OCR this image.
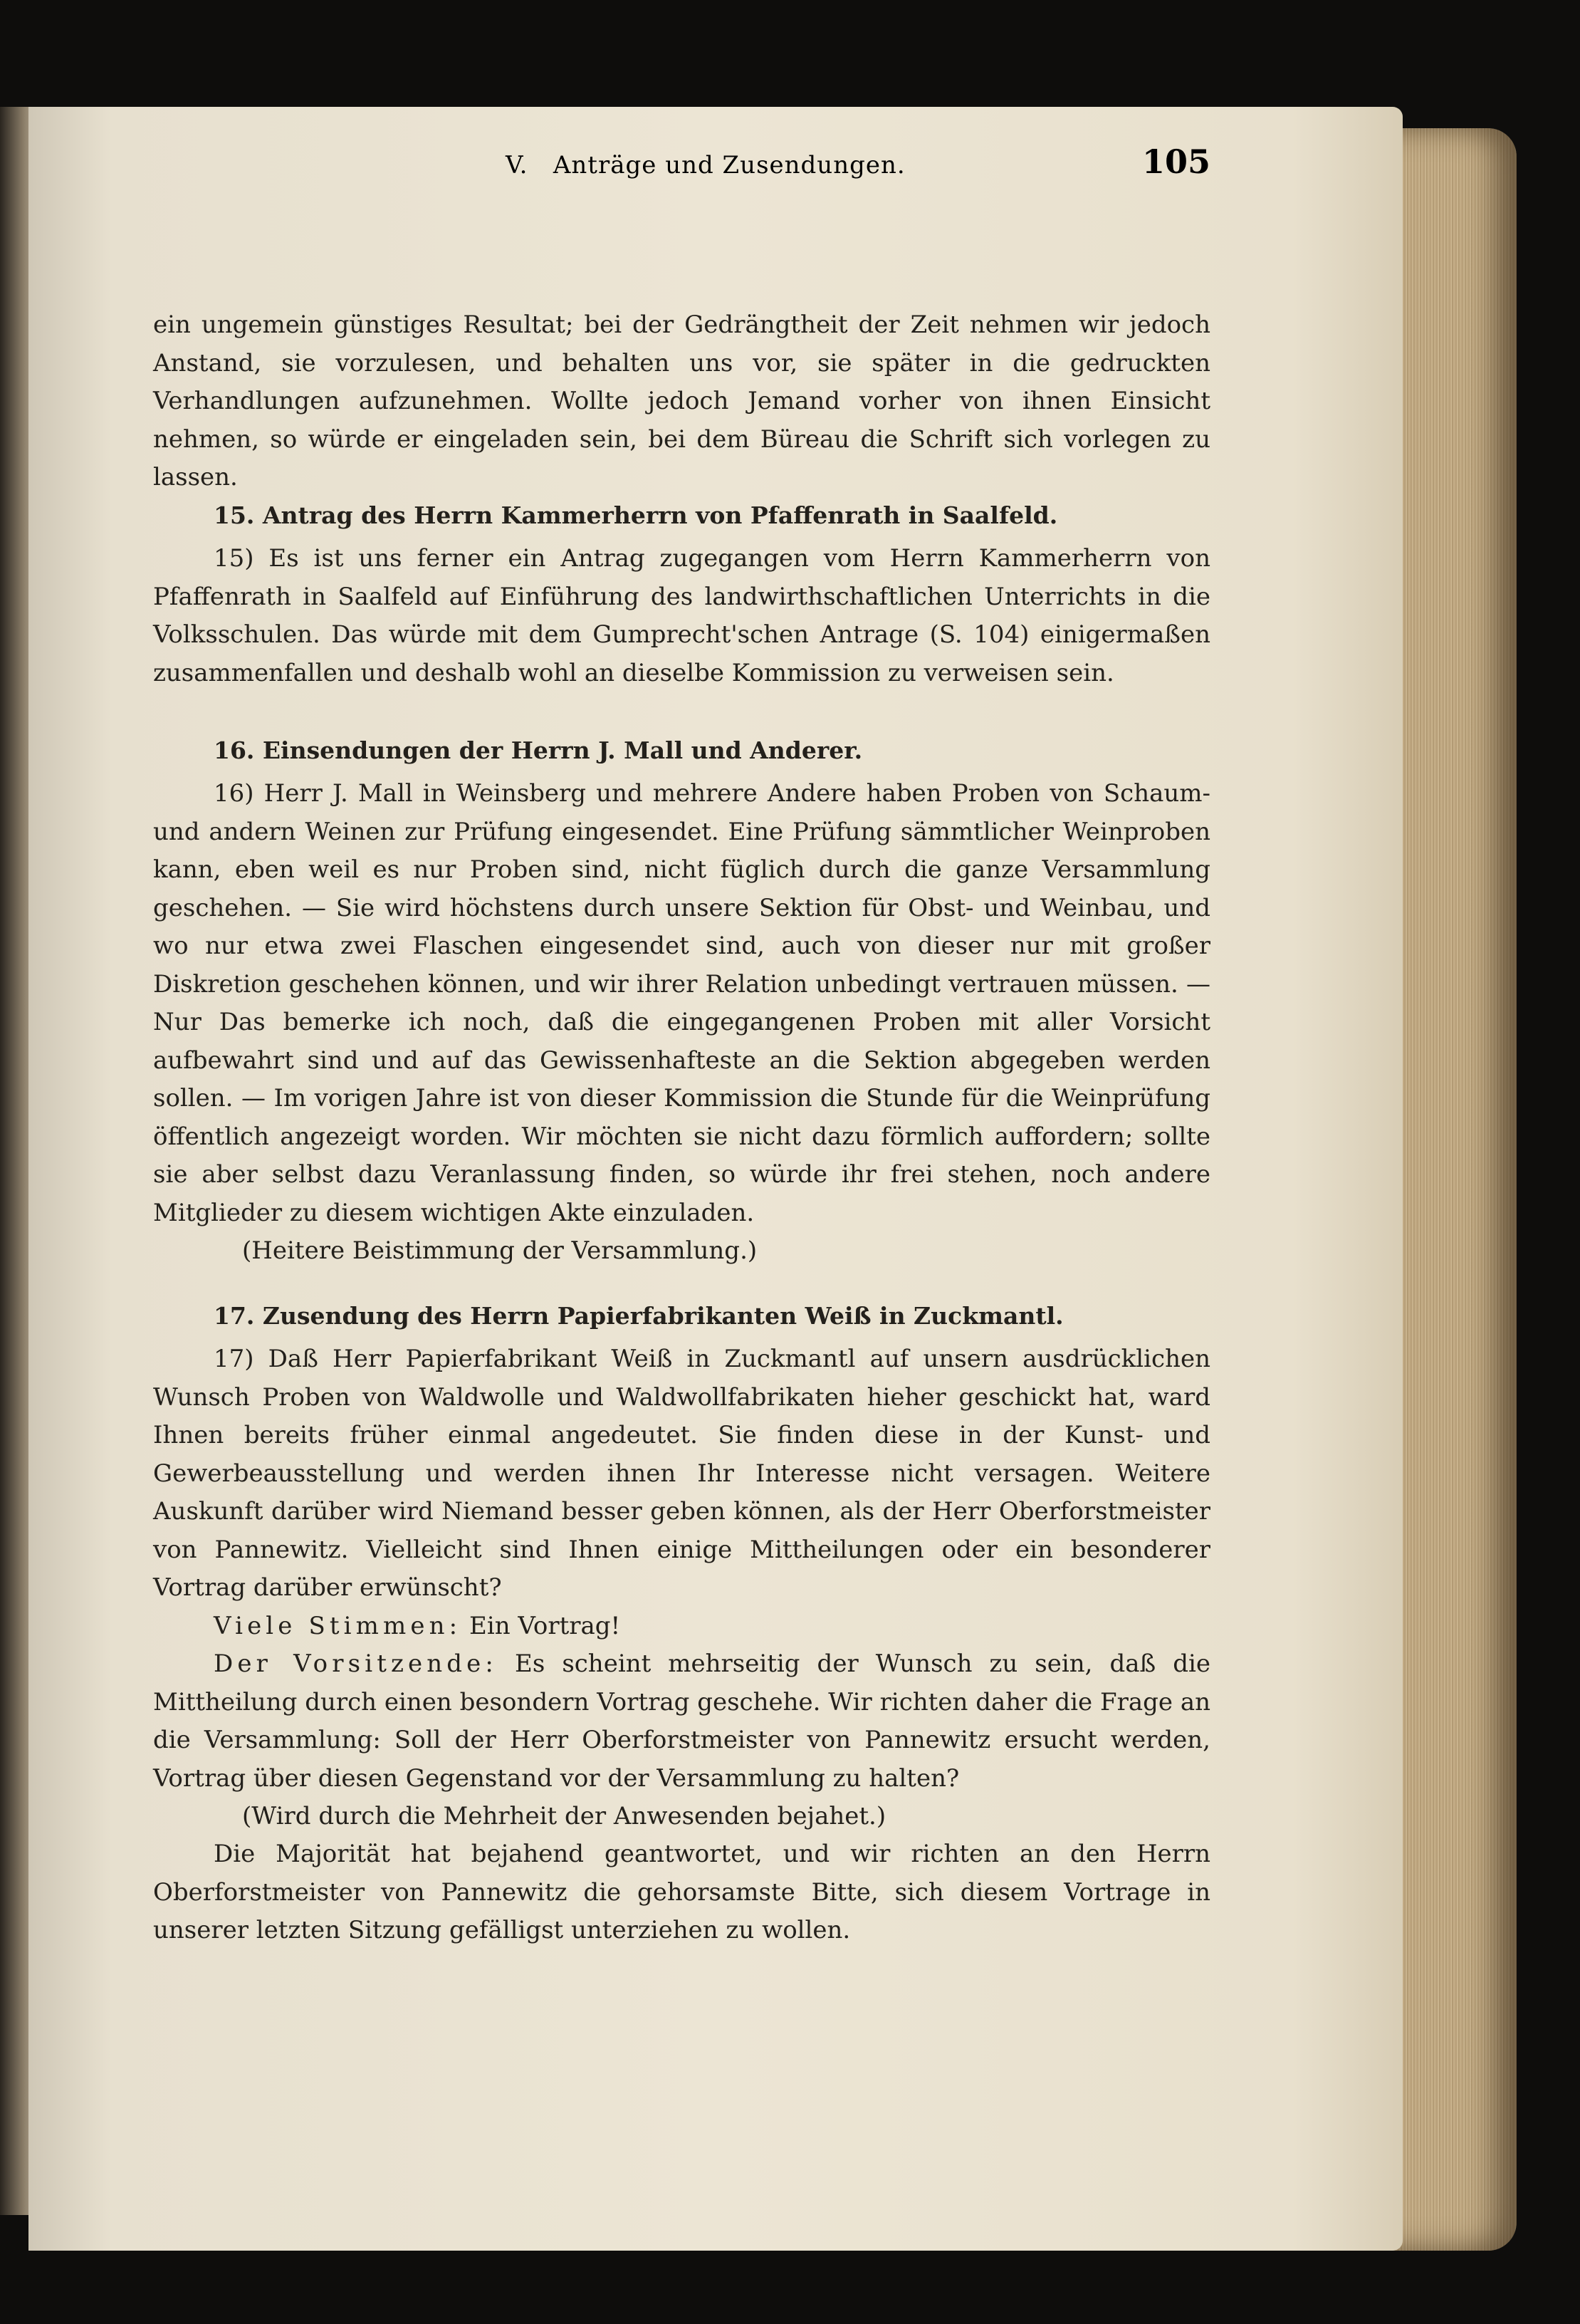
V. Anträge und Zusendungen.	105

ein ungemein günstiges Resultat; bei der Gedrängtheit der Zeit nehmen wir jedoch Anstand, sie vorzulesen, und behalten uns vor, sie später in die gedruckten Verhandlungen aufzunehmen. Wollte jedoch Jemand vorher von ihnen Einsicht nehmen, so würde er eingeladen sein, bei dem Büreau die Schrift sich vorlegen zu lassen.

15. Antrag des Herrn Kammerherrn von Pfaffenrath in Saalfeld.

15) Es ist uns ferner ein Antrag zugegangen vom Herrn Kammerherrn von Pfaffenrath in Saalfeld auf Einführung des landwirthschaftlichen Unterrichts in die Volksschulen. Das würde mit dem Gumprecht'schen Antrage (S. 104) einigermaßen zusammenfallen und deshalb wohl an dieselbe Kommission zu verweisen sein.

16. Einsendungen der Herrn J. Mall und Anderer.

16) Herr J. Mall in Weinsberg und mehrere Andere haben Proben von Schaum- und andern Weinen zur Prüfung eingesendet. Eine Prüfung sämmtlicher Weinproben kann, eben weil es nur Proben sind, nicht füglich durch die ganze Versammlung geschehen. — Sie wird höchstens durch unsere Sektion für Obst- und Weinbau, und wo nur etwa zwei Flaschen eingesendet sind, auch von dieser nur mit großer Diskretion geschehen können, und wir ihrer Relation unbedingt vertrauen müssen. — Nur Das bemerke ich noch, daß die eingegangenen Proben mit aller Vorsicht aufbewahrt sind und auf das Gewissenhafteste an die Sektion abgegeben werden sollen. — Im vorigen Jahre ist von dieser Kommission die Stunde für die Weinprüfung öffentlich angezeigt worden. Wir möchten sie nicht dazu förmlich auffordern; sollte sie aber selbst dazu Veranlassung finden, so würde ihr frei stehen, noch andere Mitglieder zu diesem wichtigen Akte einzuladen.

(Heitere Beistimmung der Versammlung.)

17. Zusendung des Herrn Papierfabrikanten Weiß in Zuckmantl.

17) Daß Herr Papierfabrikant Weiß in Zuckmantl auf unsern ausdrücklichen Wunsch Proben von Waldwolle und Waldwollfabrikaten hieher geschickt hat, ward Ihnen bereits früher einmal angedeutet. Sie finden diese in der Kunst- und Gewerbeausstellung und werden ihnen Ihr Interesse nicht versagen. Weitere Auskunft darüber wird Niemand besser geben können, als der Herr Oberforstmeister von Pannewitz. Vielleicht sind Ihnen einige Mittheilungen oder ein besonderer Vortrag darüber erwünscht?

Viele Stimmen: Ein Vortrag!

Der Vorsitzende: Es scheint mehrseitig der Wunsch zu sein, daß die Mittheilung durch einen besondern Vortrag geschehe. Wir richten daher die Frage an die Versammlung: Soll der Herr Oberforstmeister von Pannewitz ersucht werden, Vortrag über diesen Gegenstand vor der Versammlung zu halten?

(Wird durch die Mehrheit der Anwesenden bejahet.)

Die Majorität hat bejahend geantwortet, und wir richten an den Herrn Oberforstmeister von Pannewitz die gehorsamste Bitte, sich diesem Vortrage in unserer letzten Sitzung gefälligst unterziehen zu wollen.
